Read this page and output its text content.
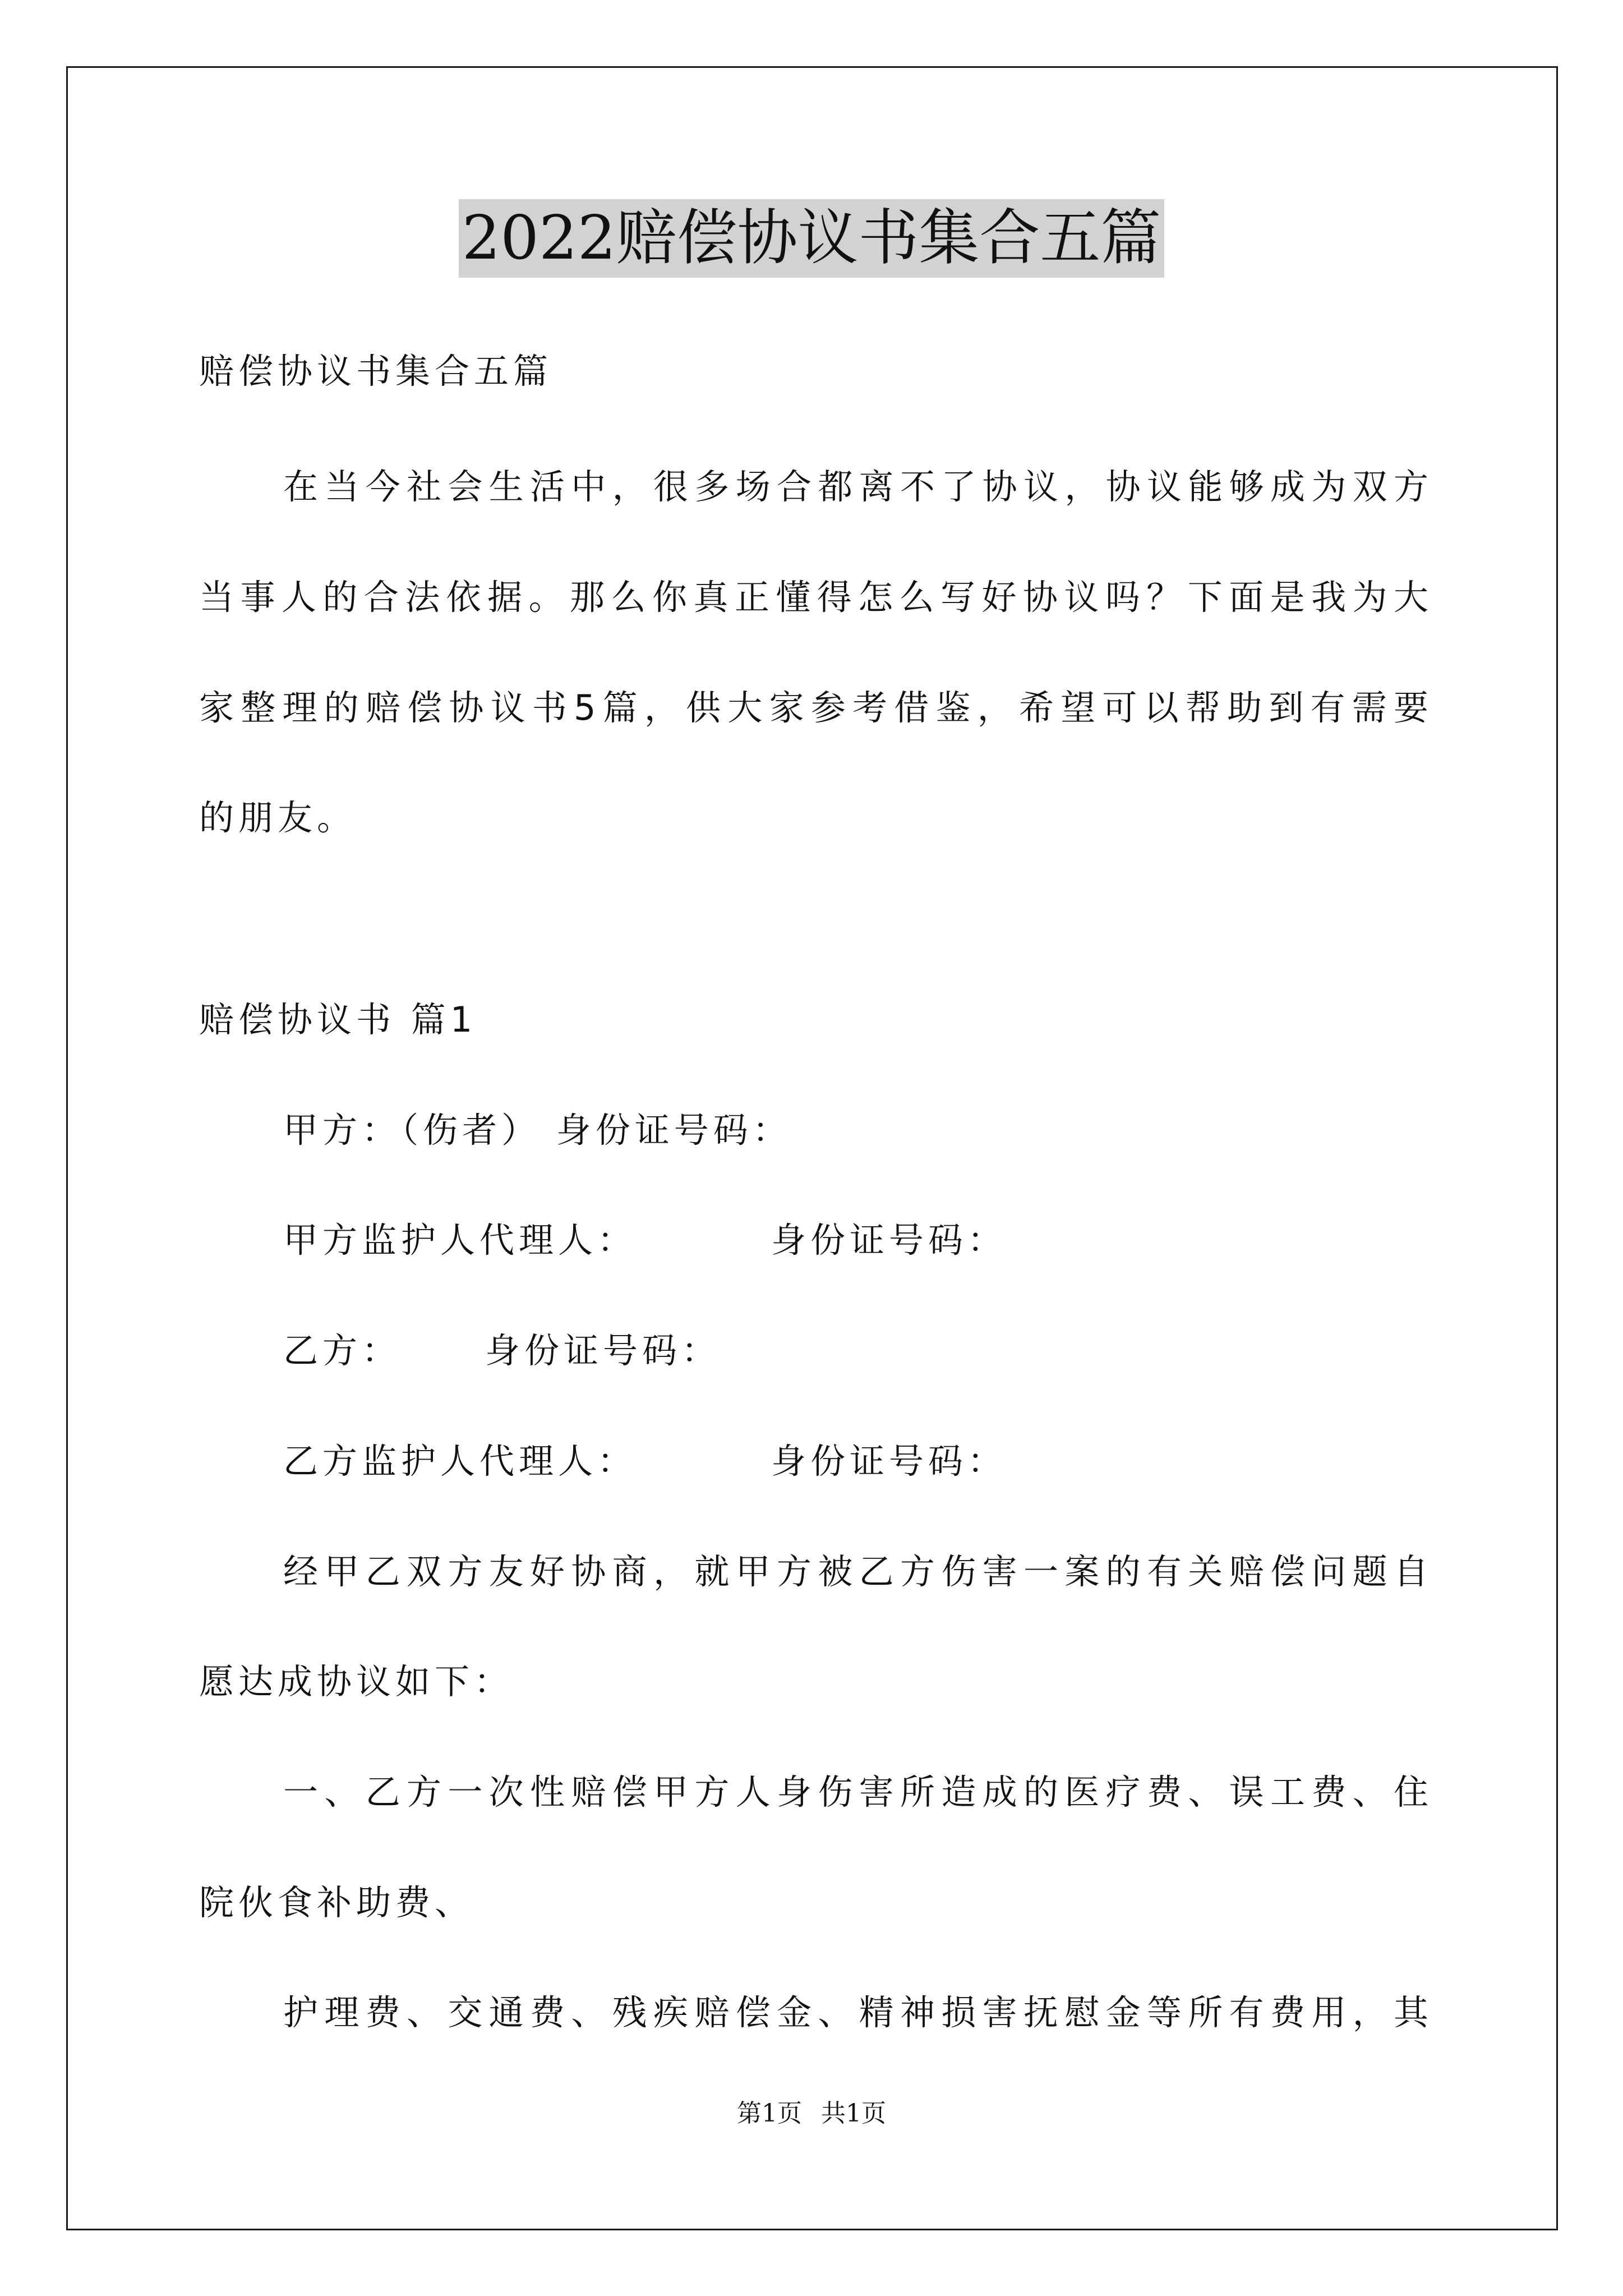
2022赔偿协议书集合五篇

赔偿协议书集合五篇

在当今社会生活中，很多场合都离不了协议，协议能够成为双方

当事人的合法依据。那么你真正懂得怎么写好协议吗？下面是我为大

家整理的赔偿协议书5篇，供大家参考借鉴，希望可以帮助到有需要

的朋友。

赔偿协议书 篇1

甲方：（伤者） 身份证号码：

甲方监护人代理人：	身份证号码：

乙方： 身份证号码：

乙方监护人代理人：	身份证号码：

经甲乙双方友好协商，就甲方被乙方伤害一案的有关赔偿问题自

愿达成协议如下：

一、乙方一次性赔偿甲方人身伤害所造成的医疗费、误工费、住

院伙食补助费、

护理费、交通费、残疾赔偿金、精神损害抚慰金等所有费用，其

第1页 共1页
